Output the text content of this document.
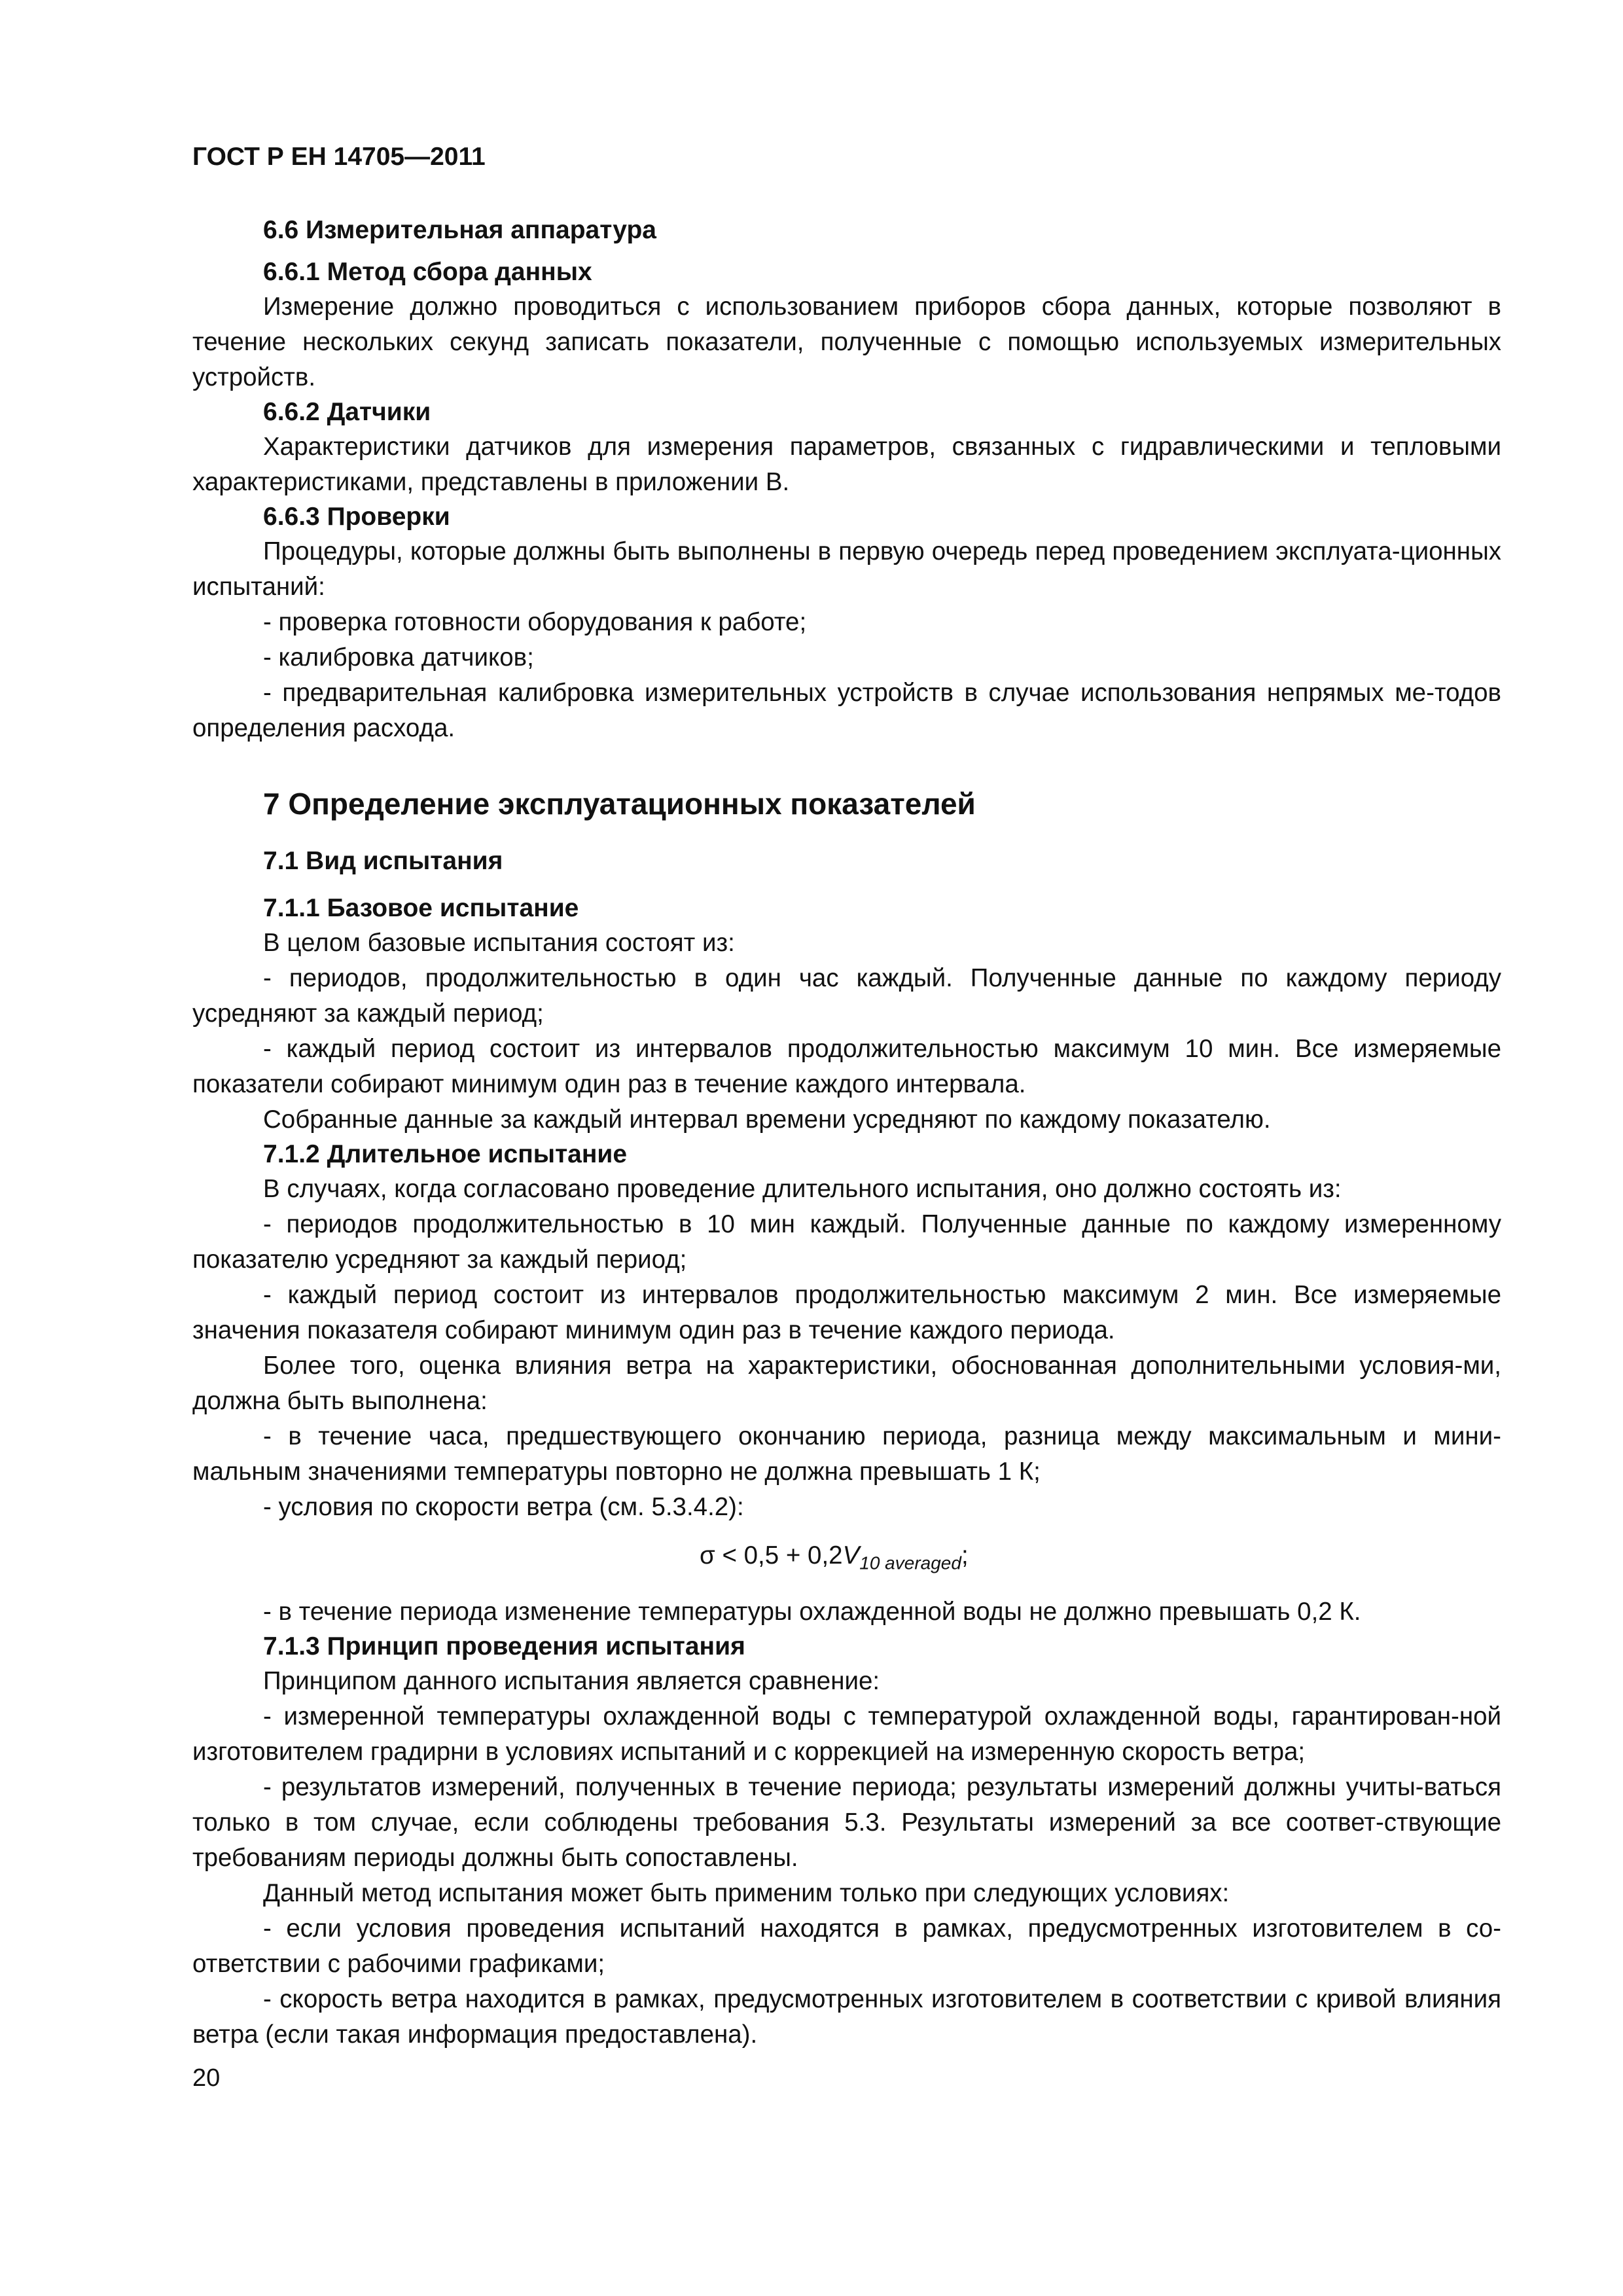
ГОСТ Р ЕН 14705—2011
6.6 Измерительная аппаратура
6.6.1 Метод сбора данных

Измерение должно проводиться с использованием приборов сбора данных, которые позволяют в течение нескольких секунд записать показатели, полученные с помощью используемых измерительных устройств.

6.6.2 Датчики

Характеристики датчиков для измерения параметров, связанных с гидравлическими и тепловыми характеристиками, представлены в приложении В.

6.6.3 Проверки

Процедуры, которые должны быть выполнены в первую очередь перед проведением эксплуата-ционных испытаний:

- проверка готовности оборудования к работе;

- калибровка датчиков;

- предварительная калибровка измерительных устройств в случае использования непрямых ме-тодов определения расхода.

7 Определение эксплуатационных показателей
7.1 Вид испытания
7.1.1 Базовое испытание

В целом базовые испытания состоят из:

- периодов, продолжительностью в один час каждый. Полученные данные по каждому периоду усредняют за каждый период;

- каждый период состоит из интервалов продолжительностью максимум 10 мин. Все измеряемые показатели собирают минимум один раз в течение каждого интервала.

Собранные данные за каждый интервал времени усредняют по каждому показателю.

7.1.2 Длительное испытание

В случаях, когда согласовано проведение длительного испытания, оно должно состоять из:

- периодов продолжительностью в 10 мин каждый. Полученные данные по каждому измеренному показателю усредняют за каждый период;

- каждый период состоит из интервалов продолжительностью максимум 2 мин. Все измеряемые значения показателя собирают минимум один раз в течение каждого периода.

Более того, оценка влияния ветра на характеристики, обоснованная дополнительными условия-ми, должна быть выполнена:

- в течение часа, предшествующего окончанию периода, разница между максимальным и мини-мальным значениями температуры повторно не должна превышать 1 К;

- условия по скорости ветра (см. 5.3.4.2):

$\sigma < 0,5 + 0,2V_{10 averaged}$;

- в течение периода изменение температуры охлажденной воды не должно превышать 0,2 К.

7.1.3 Принцип проведения испытания

Принципом данного испытания является сравнение:

- измеренной температуры охлажденной воды с температурой охлажденной воды, гарантирован-ной изготовителем градирни в условиях испытаний и с коррекцией на измеренную скорость ветра;

- результатов измерений, полученных в течение периода; результаты измерений должны учиты-ваться только в том случае, если соблюдены требования 5.3. Результаты измерений за все соответ-ствующие требованиям периоды должны быть сопоставлены.

Данный метод испытания может быть применим только при следующих условиях:

- если условия проведения испытаний находятся в рамках, предусмотренных изготовителем в со-ответствии с рабочими графиками;

- скорость ветра находится в рамках, предусмотренных изготовителем в соответствии с кривой влияния ветра (если такая информация предоставлена).

20
